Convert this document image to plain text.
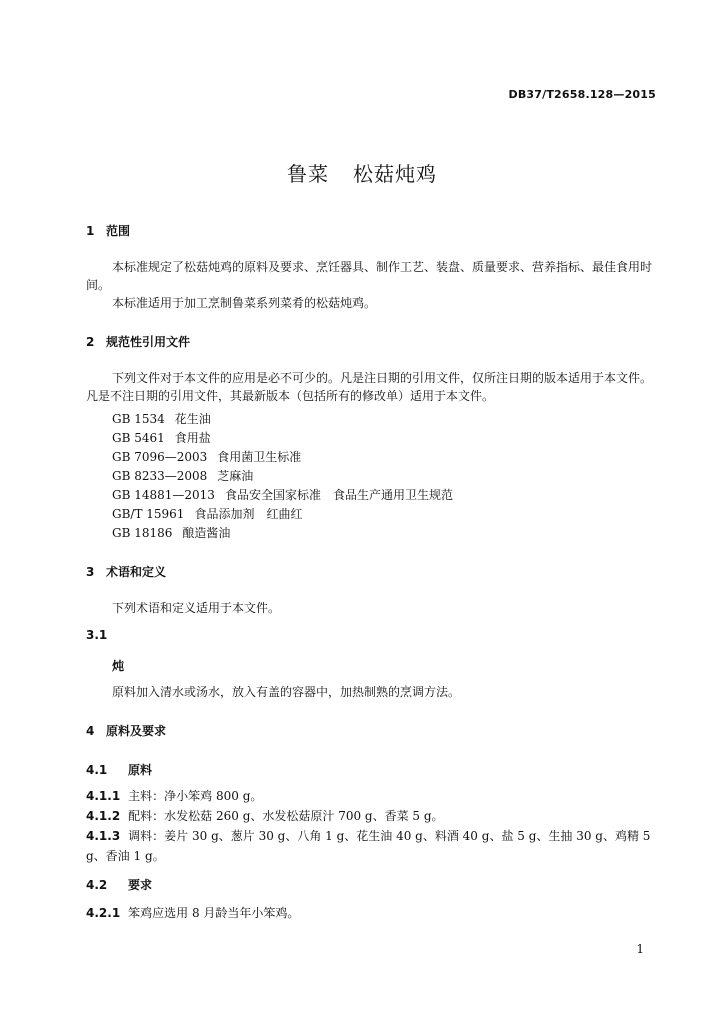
DB37/T2658.128—2015
鲁菜 松菇炖鸡
1 范围
本标准规定了松菇炖鸡的原料及要求、烹饪器具、制作工艺、装盘、质量要求、营养指标、最佳食用时间。
本标准适用于加工烹制鲁菜系列菜肴的松菇炖鸡。
2 规范性引用文件
下列文件对于本文件的应用是必不可少的。凡是注日期的引用文件，仅所注日期的版本适用于本文件。凡是不注日期的引用文件，其最新版本（包括所有的修改单）适用于本文件。
GB 1534 花生油
GB 5461 食用盐
GB 7096—2003 食用菌卫生标准
GB 8233—2008 芝麻油
GB 14881—2013 食品安全国家标准　食品生产通用卫生规范
GB/T 15961 食品添加剂　红曲红
GB 18186 酿造酱油
3 术语和定义
下列术语和定义适用于本文件。
3.1
炖
原料加入清水或汤水，放入有盖的容器中，加热制熟的烹调方法。
4 原料及要求
4.1 原料
4.1.1 主料：净小笨鸡 800 g。
4.1.2 配料：水发松菇 260 g、水发松菇原汁 700 g、香菜 5 g。
4.1.3 调料：姜片 30 g、葱片 30 g、八角 1 g、花生油 40 g、料酒 40 g、盐 5 g、生抽 30 g、鸡精 5 g、香油 1 g。
4.2 要求
4.2.1 笨鸡应选用 8 月龄当年小笨鸡。
1
